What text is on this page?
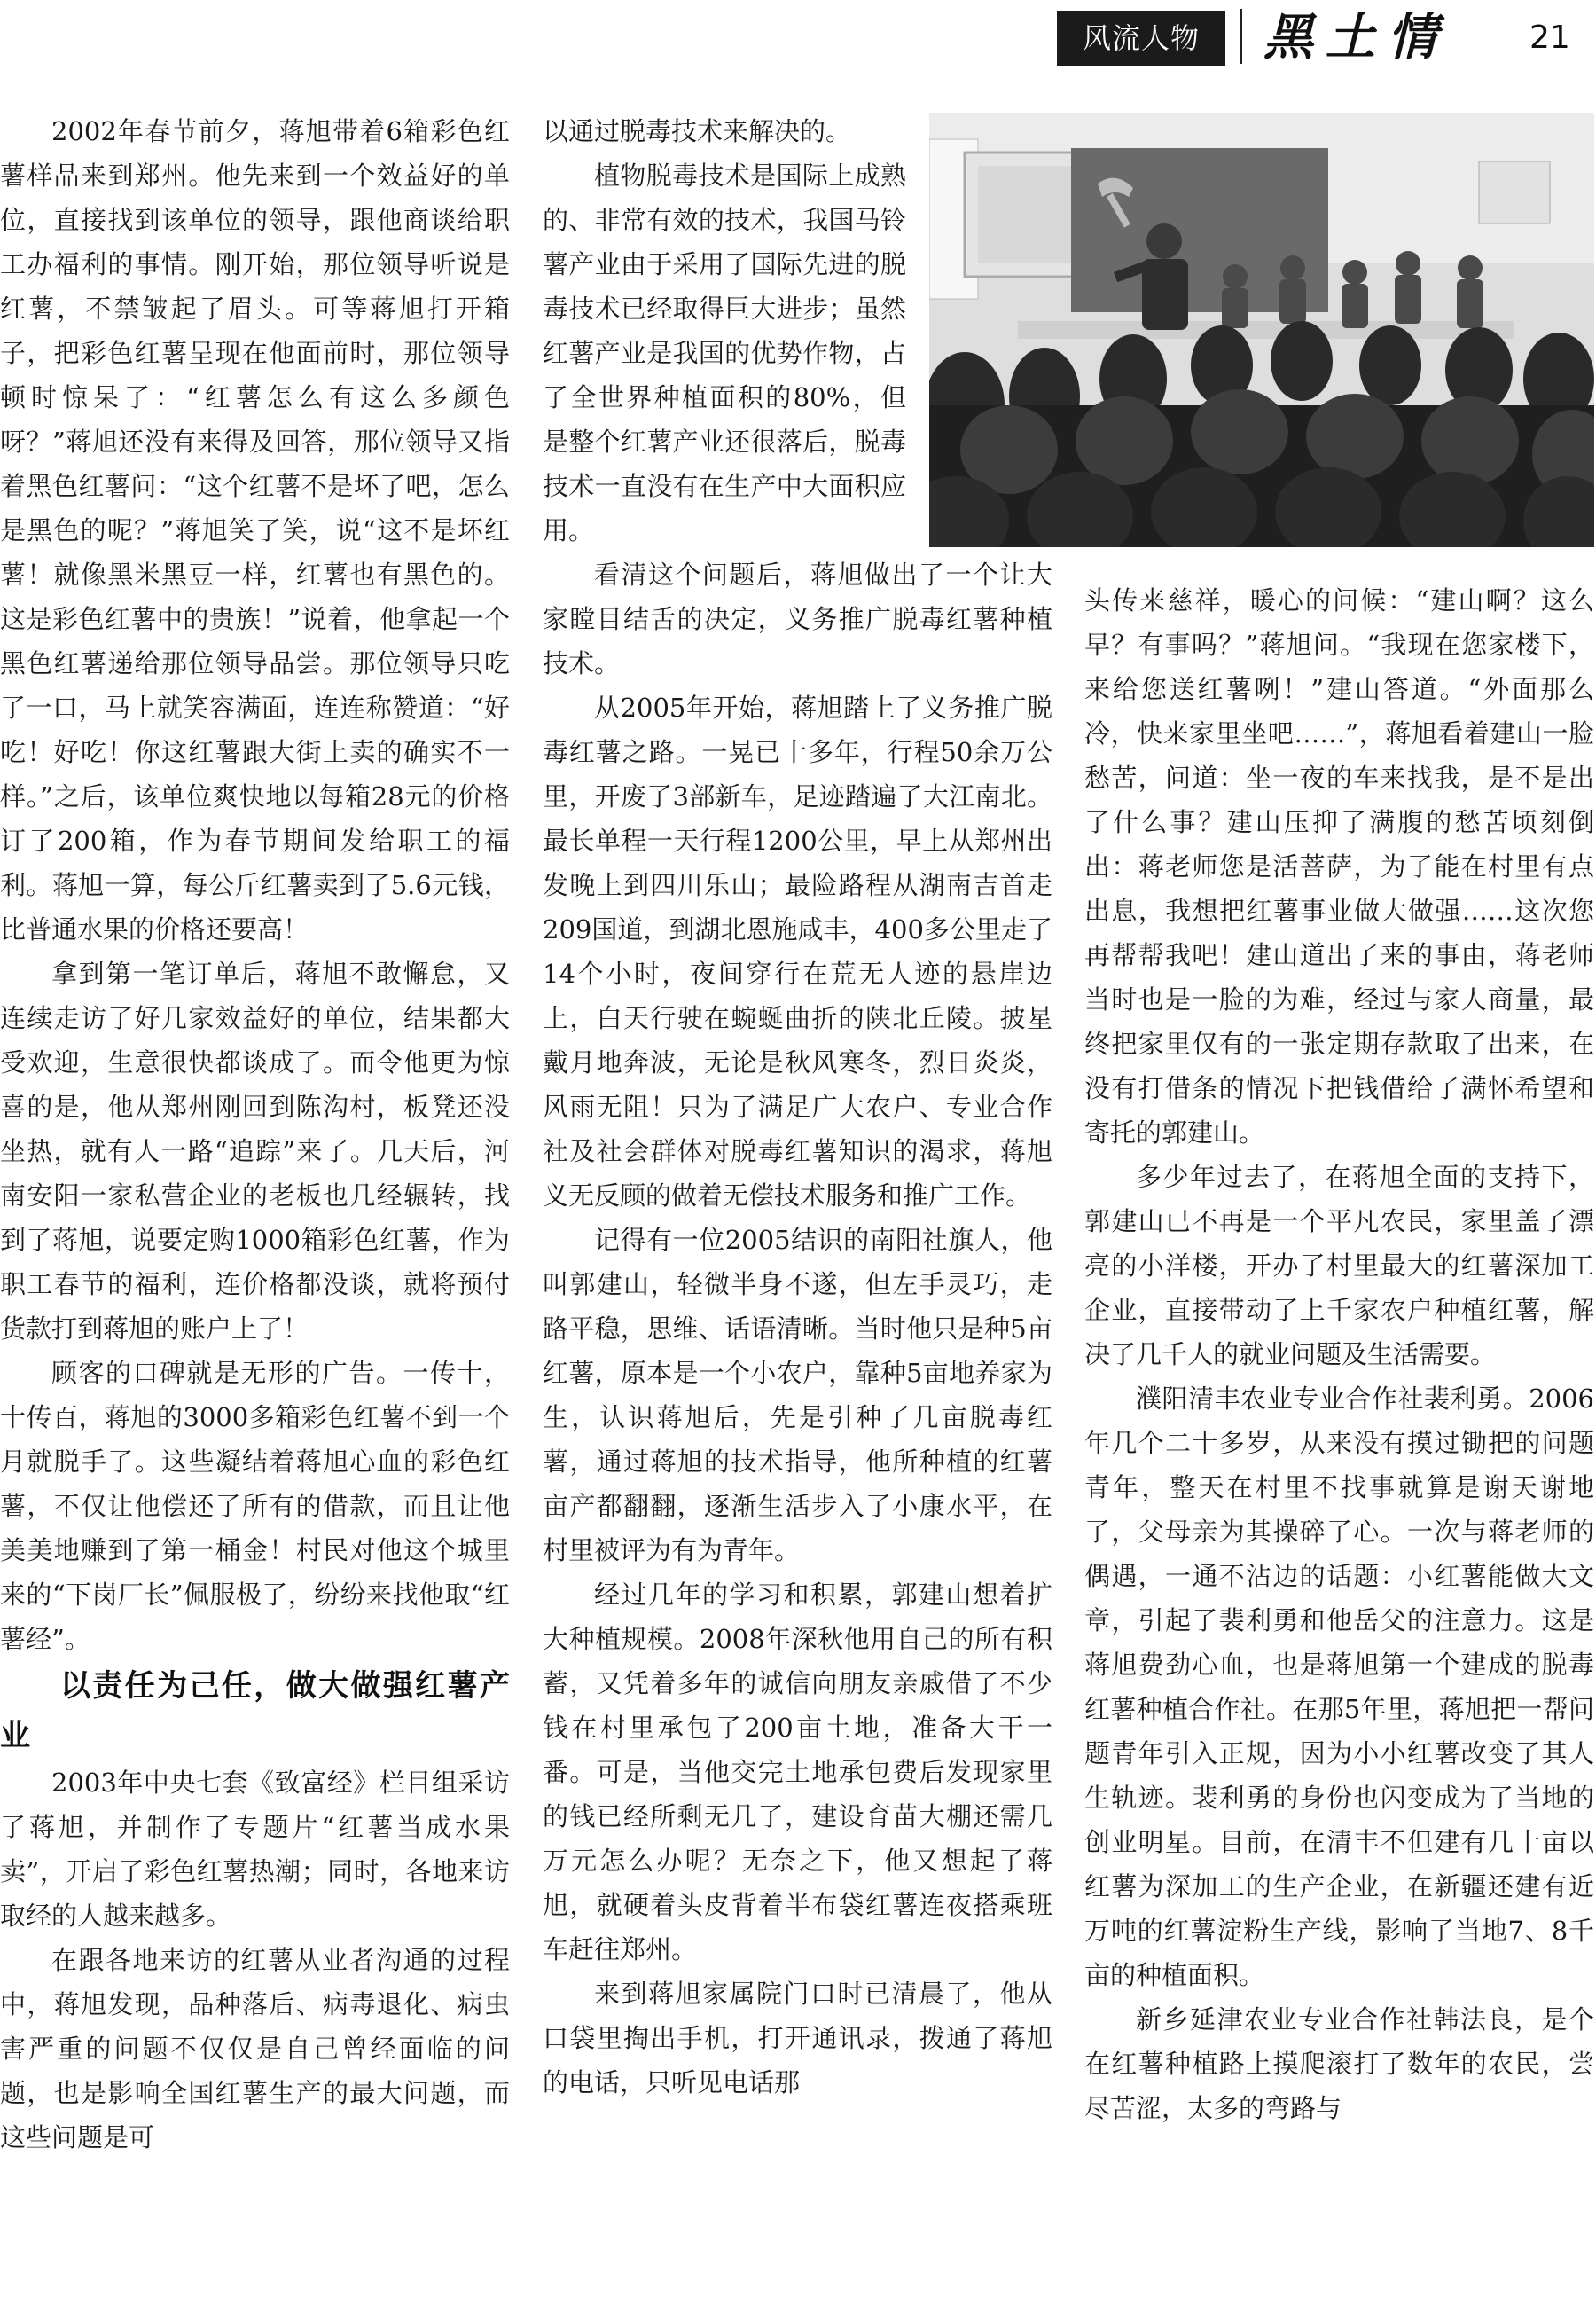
风流人物	黑土情	21

2002年春节前夕，蒋旭带着6箱彩色红薯样品来到郑州。他先来到一个效益好的单位，直接找到该单位的领导，跟他商谈给职工办福利的事情。刚开始，那位领导听说是红薯，不禁皱起了眉头。可等蒋旭打开箱子，把彩色红薯呈现在他面前时，那位领导顿时惊呆了：“红薯怎么有这么多颜色呀？”蒋旭还没有来得及回答，那位领导又指着黑色红薯问：“这个红薯不是坏了吧，怎么是黑色的呢？”蒋旭笑了笑，说“这不是坏红薯！就像黑米黑豆一样，红薯也有黑色的。这是彩色红薯中的贵族！”说着，他拿起一个黑色红薯递给那位领导品尝。那位领导只吃了一口，马上就笑容满面，连连称赞道：“好吃！好吃！你这红薯跟大街上卖的确实不一样。”之后，该单位爽快地以每箱28元的价格订了200箱，作为春节期间发给职工的福利。蒋旭一算，每公斤红薯卖到了5.6元钱，比普通水果的价格还要高！

拿到第一笔订单后，蒋旭不敢懈怠，又连续走访了好几家效益好的单位，结果都大受欢迎，生意很快都谈成了。而令他更为惊喜的是，他从郑州刚回到陈沟村，板凳还没坐热，就有人一路“追踪”来了。几天后，河南安阳一家私营企业的老板也几经辗转，找到了蒋旭，说要定购1000箱彩色红薯，作为职工春节的福利，连价格都没谈，就将预付货款打到蒋旭的账户上了！

顾客的口碑就是无形的广告。一传十，十传百，蒋旭的3000多箱彩色红薯不到一个月就脱手了。这些凝结着蒋旭心血的彩色红薯，不仅让他偿还了所有的借款，而且让他美美地赚到了第一桶金！村民对他这个城里来的“下岗厂长”佩服极了，纷纷来找他取“红薯经”。

以责任为己任，做大做强红薯产业

2003年中央七套《致富经》栏目组采访了蒋旭，并制作了专题片“红薯当成水果卖”，开启了彩色红薯热潮；同时，各地来访取经的人越来越多。

在跟各地来访的红薯从业者沟通的过程中，蒋旭发现，品种落后、病毒退化、病虫害严重的问题不仅仅是自己曾经面临的问题，也是影响全国红薯生产的最大问题，而这些问题是可

以通过脱毒技术来解决的。

植物脱毒技术是国际上成熟的、非常有效的技术，我国马铃薯产业由于采用了国际先进的脱毒技术已经取得巨大进步；虽然红薯产业是我国的优势作物，占了全世界种植面积的80%，但是整个红薯产业还很落后，脱毒技术一直没有在生产中大面积应用。

看清这个问题后，蒋旭做出了一个让大家瞠目结舌的决定，义务推广脱毒红薯种植技术。

从2005年开始，蒋旭踏上了义务推广脱毒红薯之路。一晃已十多年，行程50余万公里，开废了3部新车，足迹踏遍了大江南北。最长单程一天行程1200公里，早上从郑州出发晚上到四川乐山；最险路程从湖南吉首走209国道，到湖北恩施咸丰，400多公里走了14个小时，夜间穿行在荒无人迹的悬崖边上，白天行驶在蜿蜒曲折的陕北丘陵。披星戴月地奔波，无论是秋风寒冬，烈日炎炎，风雨无阻！只为了满足广大农户、专业合作社及社会群体对脱毒红薯知识的渴求，蒋旭义无反顾的做着无偿技术服务和推广工作。

记得有一位2005结识的南阳社旗人，他叫郭建山，轻微半身不遂，但左手灵巧，走路平稳，思维、话语清晰。当时他只是种5亩红薯，原本是一个小农户，靠种5亩地养家为生，认识蒋旭后，先是引种了几亩脱毒红薯，通过蒋旭的技术指导，他所种植的红薯亩产都翻翻，逐渐生活步入了小康水平，在村里被评为有为青年。

经过几年的学习和积累，郭建山想着扩大种植规模。2008年深秋他用自己的所有积蓄，又凭着多年的诚信向朋友亲戚借了不少钱在村里承包了200亩土地，准备大干一番。可是，当他交完土地承包费后发现家里的钱已经所剩无几了，建设育苗大棚还需几万元怎么办呢？无奈之下，他又想起了蒋旭，就硬着头皮背着半布袋红薯连夜搭乘班车赶往郑州。

来到蒋旭家属院门口时已清晨了，他从口袋里掏出手机，打开通讯录，拨通了蒋旭的电话，只听见电话那

头传来慈祥，暖心的问候：“建山啊？这么早？有事吗？”蒋旭问。“我现在您家楼下，来给您送红薯咧！”建山答道。“外面那么冷，快来家里坐吧……”，蒋旭看着建山一脸愁苦，问道：坐一夜的车来找我，是不是出了什么事？建山压抑了满腹的愁苦顷刻倒出：蒋老师您是活菩萨，为了能在村里有点出息，我想把红薯事业做大做强……这次您再帮帮我吧！建山道出了来的事由，蒋老师当时也是一脸的为难，经过与家人商量，最终把家里仅有的一张定期存款取了出来，在没有打借条的情况下把钱借给了满怀希望和寄托的郭建山。

多少年过去了，在蒋旭全面的支持下，郭建山已不再是一个平凡农民，家里盖了漂亮的小洋楼，开办了村里最大的红薯深加工企业，直接带动了上千家农户种植红薯，解决了几千人的就业问题及生活需要。

濮阳清丰农业专业合作社裴利勇。2006年几个二十多岁，从来没有摸过锄把的问题青年，整天在村里不找事就算是谢天谢地了，父母亲为其操碎了心。一次与蒋老师的偶遇，一通不沾边的话题：小红薯能做大文章，引起了裴利勇和他岳父的注意力。这是蒋旭费劲心血，也是蒋旭第一个建成的脱毒红薯种植合作社。在那5年里，蒋旭把一帮问题青年引入正规，因为小小红薯改变了其人生轨迹。裴利勇的身份也闪变成为了当地的创业明星。目前，在清丰不但建有几十亩以红薯为深加工的生产企业，在新疆还建有近万吨的红薯淀粉生产线，影响了当地7、8千亩的种植面积。

新乡延津农业专业合作社韩法良，是个在红薯种植路上摸爬滚打了数年的农民，尝尽苦涩，太多的弯路与
